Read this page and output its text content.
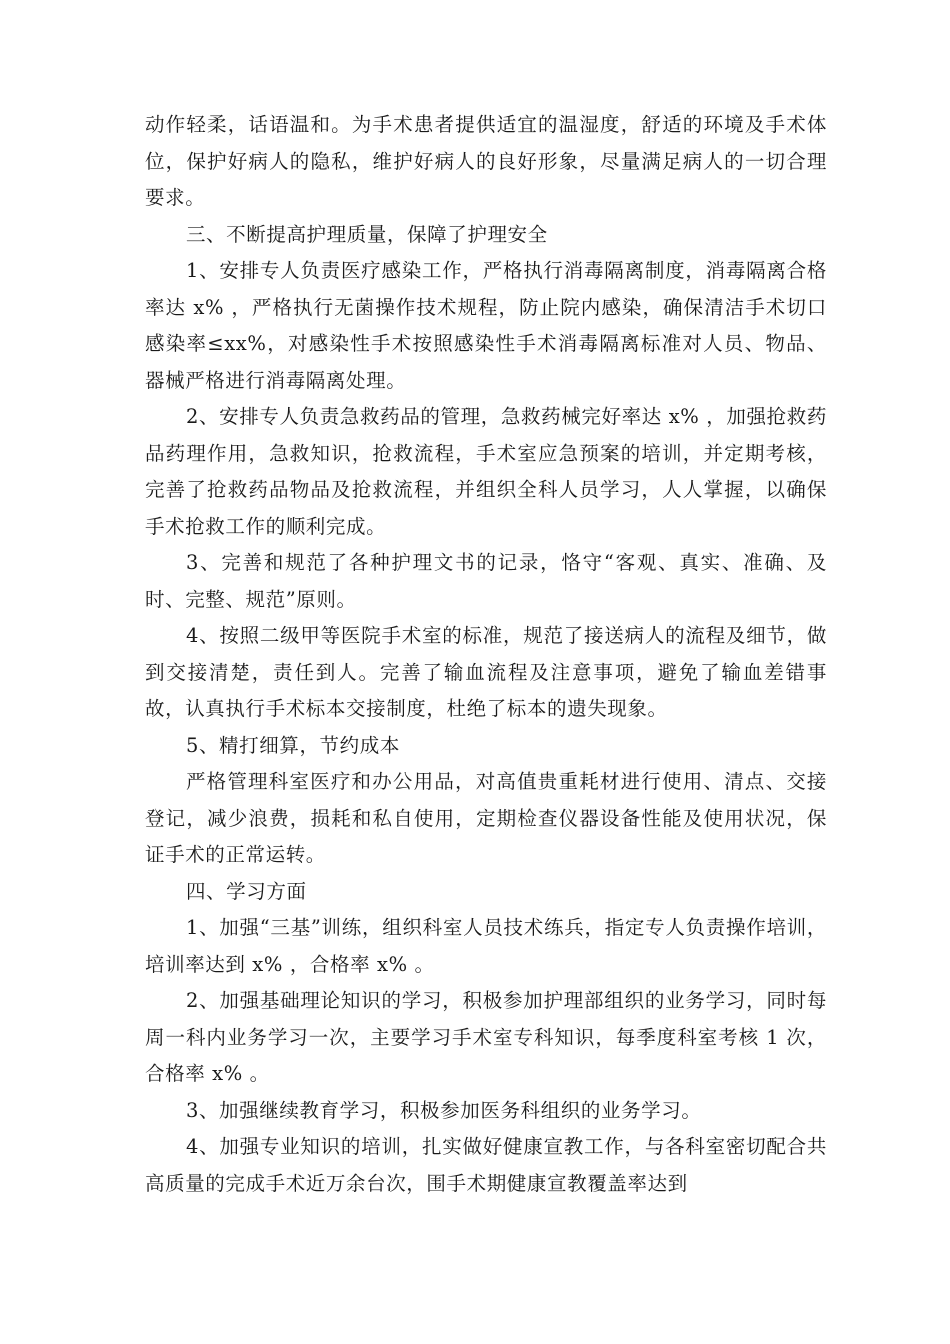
动作轻柔，话语温和。为手术患者提供适宜的温湿度，舒适的环境及手术体位，保护好病人的隐私，维护好病人的良好形象，尽量满足病人的一切合理要求。

三、不断提高护理质量，保障了护理安全

1、安排专人负责医疗感染工作，严格执行消毒隔离制度，消毒隔离合格率达 x% ，严格执行无菌操作技术规程，防止院内感染，确保清洁手术切口感染率≤xx%，对感染性手术按照感染性手术消毒隔离标准对人员、物品、器械严格进行消毒隔离处理。

2、安排专人负责急救药品的管理，急救药械完好率达 x% ，加强抢救药品药理作用，急救知识，抢救流程，手术室应急预案的培训，并定期考核，完善了抢救药品物品及抢救流程，并组织全科人员学习，人人掌握，以确保手术抢救工作的顺利完成。

3、完善和规范了各种护理文书的记录，恪守“客观、真实、准确、及时、完整、规范”原则。

4、按照二级甲等医院手术室的标准，规范了接送病人的流程及细节，做到交接清楚，责任到人。完善了输血流程及注意事项，避免了输血差错事故，认真执行手术标本交接制度，杜绝了标本的遗失现象。

5、精打细算，节约成本

严格管理科室医疗和办公用品，对高值贵重耗材进行使用、清点、交接登记，减少浪费，损耗和私自使用，定期检查仪器设备性能及使用状况，保证手术的正常运转。

四、学习方面

1、加强“三基”训练，组织科室人员技术练兵，指定专人负责操作培训，培训率达到 x% ，合格率 x% 。

2、加强基础理论知识的学习，积极参加护理部组织的业务学习，同时每周一科内业务学习一次，主要学习手术室专科知识，每季度科室考核 1 次，合格率 x% 。

3、加强继续教育学习，积极参加医务科组织的业务学习。

4、加强专业知识的培训，扎实做好健康宣教工作，与各科室密切配合共高质量的完成手术近万余台次，围手术期健康宣教覆盖率达到
